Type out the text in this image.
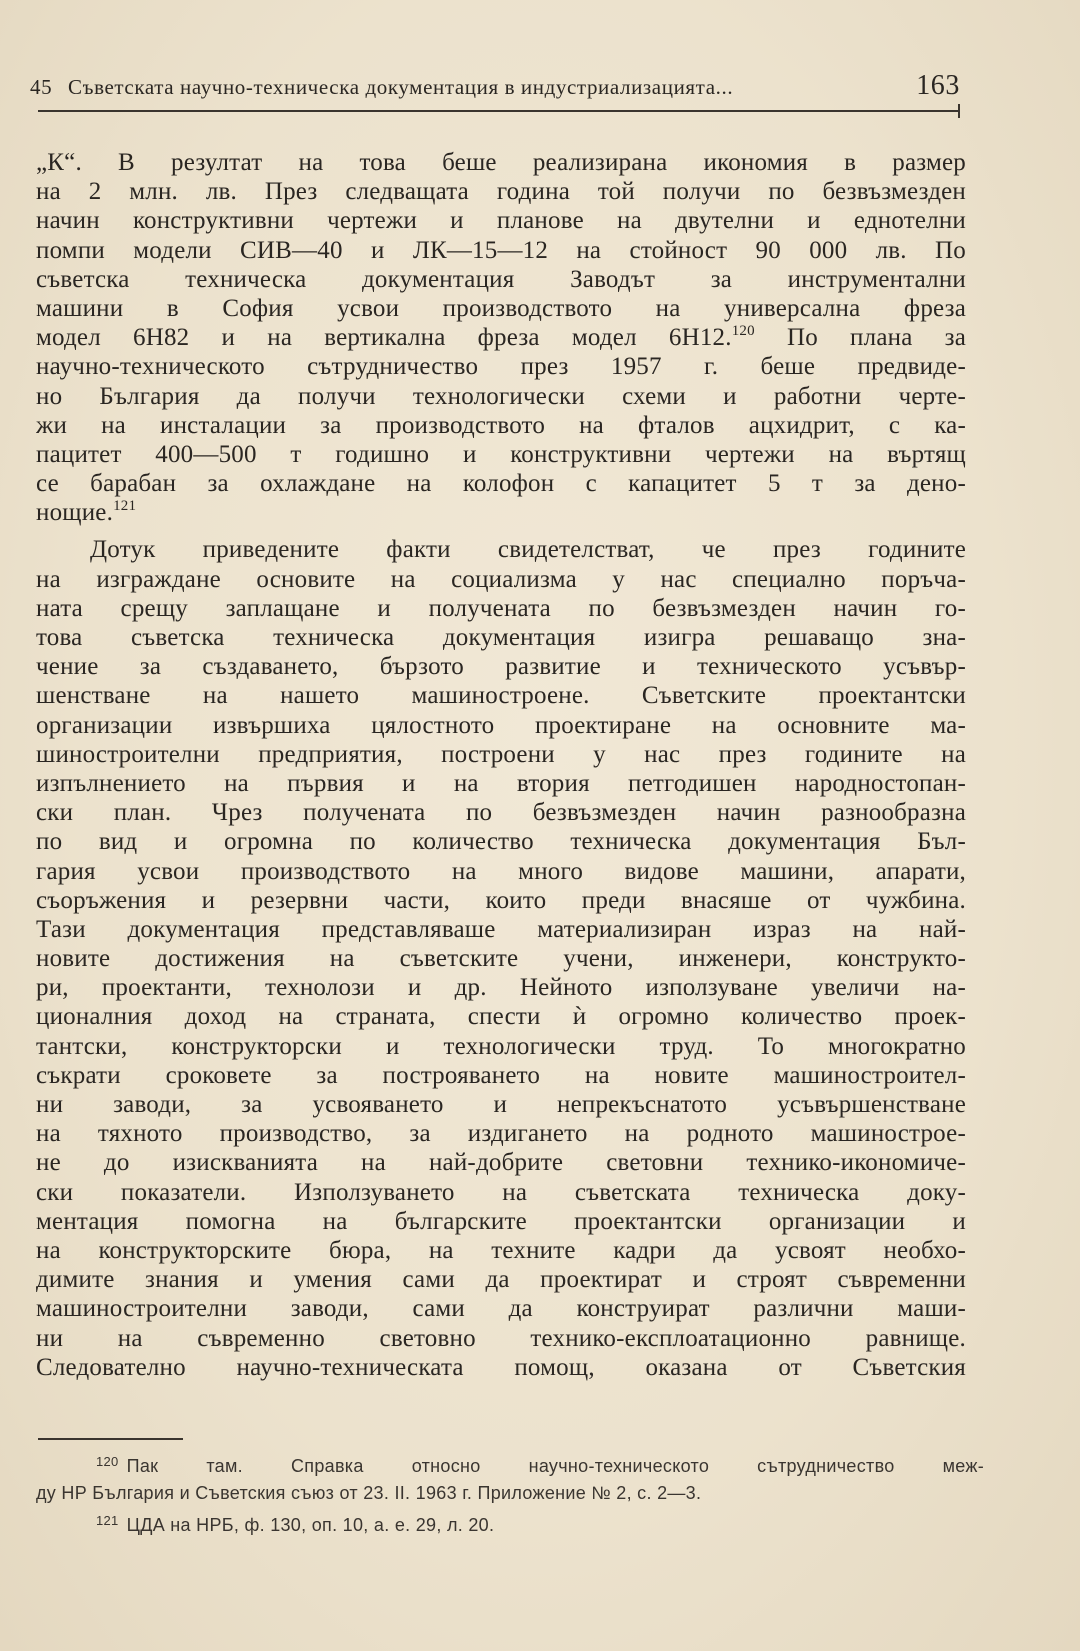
45 Съветската научно-техническа документация в индустриализацията...	163
„К“. В резултат на това беше реализирана икономия в размер
на 2 млн. лв. През следващата година той получи по безвъзмезден
начин конструктивни чертежи и планове на двутелни и еднотелни
помпи модели СИВ—40 и ЛК—15—12 на стойност 90 000 лв. По
съветска техническа документация Заводът за инструментални
машини в София усвои производството на универсална фреза
модел 6Н82 и на вертикална фреза модел 6Н12.$^{120}$ По плана за
научно-техническото сътрудничество през 1957 г. беше предвиде-
но България да получи технологически схеми и работни черте-
жи на инсталации за производството на фталов ацхидрит, с ка-
пацитет 400—500 т годишно и конструктивни чертежи на въртящ
се барабан за охлаждане на колофон с капацитет 5 т за дено-
нощие.$^{121}$
Дотук приведените факти свидетелстват, че през годините
на изграждане основите на социализма у нас специално поръча-
ната срещу заплащане и получената по безвъзмезден начин го-
това съветска техническа документация изигра решаващо зна-
чение за създаването, бързото развитие и техническото усъвър-
шенстване на нашето машиностроене. Съветските проектантски
организации извършиха цялостното проектиране на основните ма-
шиностроителни предприятия, построени у нас през годините на
изпълнението на първия и на втория петгодишен народностопан-
ски план. Чрез получената по безвъзмезден начин разнообразна
по вид и огромна по количество техническа документация Бъл-
гария усвои производството на много видове машини, апарати,
съоръжения и резервни части, които преди внасяше от чужбина.
Тази документация представляваше материализиран израз на най-
новите достижения на съветските учени, инженери, конструкто-
ри, проектанти, технолози и др. Нейното използуване увеличи на-
ционалния доход на страната, спести ѝ огромно количество проек-
тантски, конструкторски и технологически труд. То многократно
съкрати сроковете за построяването на новите машиностроител-
ни заводи, за усвояването и непрекъснатото усъвършенстване
на тяхното производство, за издигането на родното машинострое-
не до изискванията на най-добрите световни технико-икономиче-
ски показатели. Използуването на съветската техническа доку-
ментация помогна на българските проектантски организации и
на конструкторските бюра, на техните кадри да усвоят необхо-
димите знания и умения сами да проектират и строят съвременни
машиностроителни заводи, сами да конструират различни маши-
ни на съвременно световно технико-експлоатационно равнище.
Следователно научно-техническата помощ, оказана от Съветския
$^{120}$ Пак там. Справка относно научно-техническото сътрудничество меж-
ду НР България и Съветския съюз от 23. II. 1963 г. Приложение № 2, с. 2—3.
$^{121}$ ЦДА на НРБ, ф. 130, оп. 10, а. е. 29, л. 20.
